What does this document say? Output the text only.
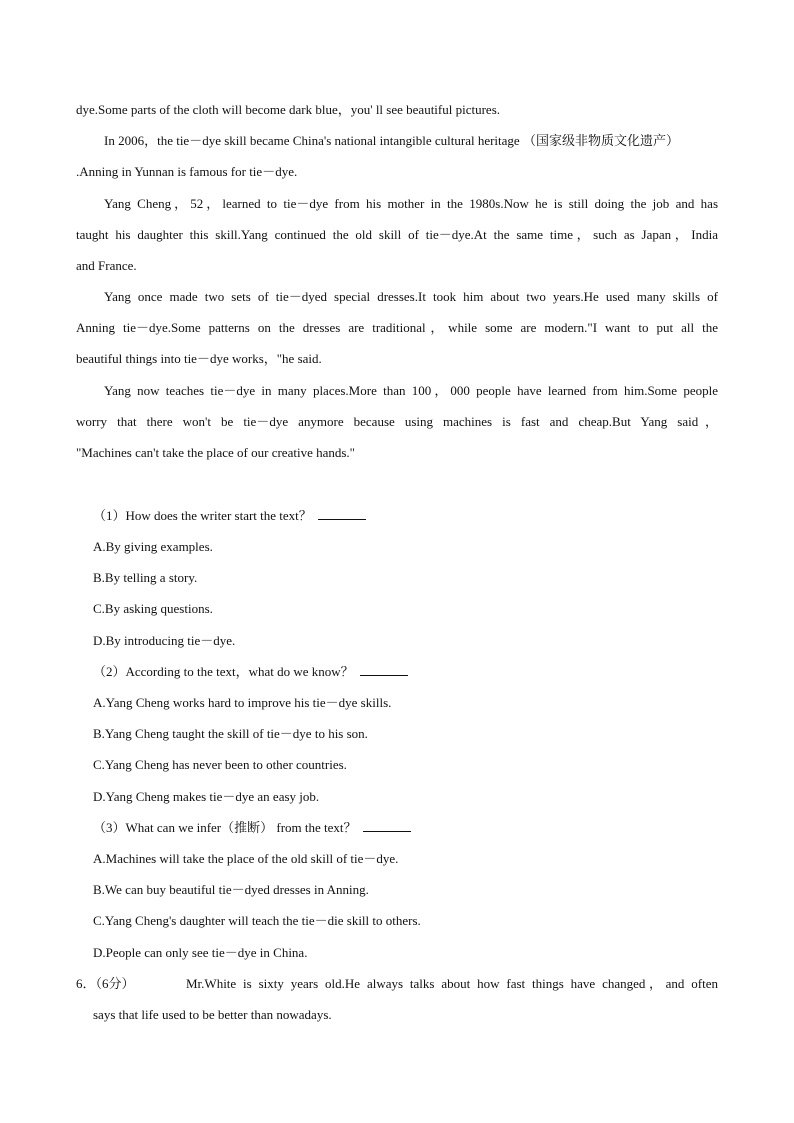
dye.Some parts of the cloth will become dark blue，you' ll see beautiful pictures.
In 2006，the tie－dye skill became China's national intangible cultural heritage （国家级非物质文化遗产）
.Anning in Yunnan is famous for tie－dye.
Yang Cheng，52，learned to tie－dye from his mother in the 1980s.Now he is still doing the job and has
taught his daughter this skill.Yang continued the old skill of tie－dye.At the same time，such as Japan，India
and France.
Yang once made two sets of tie－dyed special dresses.It took him about two years.He used many skills of
Anning tie－dye.Some patterns on the dresses are traditional，while some are modern."I want to put all the
beautiful things into tie－dye works，"he said.
Yang now teaches tie－dye in many places.More than 100，000 people have learned from him.Some people
worry that there won't be tie－dye anymore because using machines is fast and cheap.But Yang said，
"Machines can't take the place of our creative hands."
（1）How does the writer start the text？
A.By giving examples.
B.By telling a story.
C.By asking questions.
D.By introducing tie－dye.
（2）According to the text，what do we know？
A.Yang Cheng works hard to improve his tie－dye skills.
B.Yang Cheng taught the skill of tie－dye to his son.
C.Yang Cheng has never been to other countries.
D.Yang Cheng makes tie－dye an easy job.
（3）What can we infer（推断） from the text？
A.Machines will take the place of the old skill of tie－dye.
B.We can buy beautiful tie－dyed dresses in Anning.
C.Yang Cheng's daughter will teach the tie－die skill to others.
D.People can only see tie－dye in China.
6．（6分）	Mr.White is sixty years old.He always talks about how fast things have changed，and often
says that life used to be better than nowadays.
